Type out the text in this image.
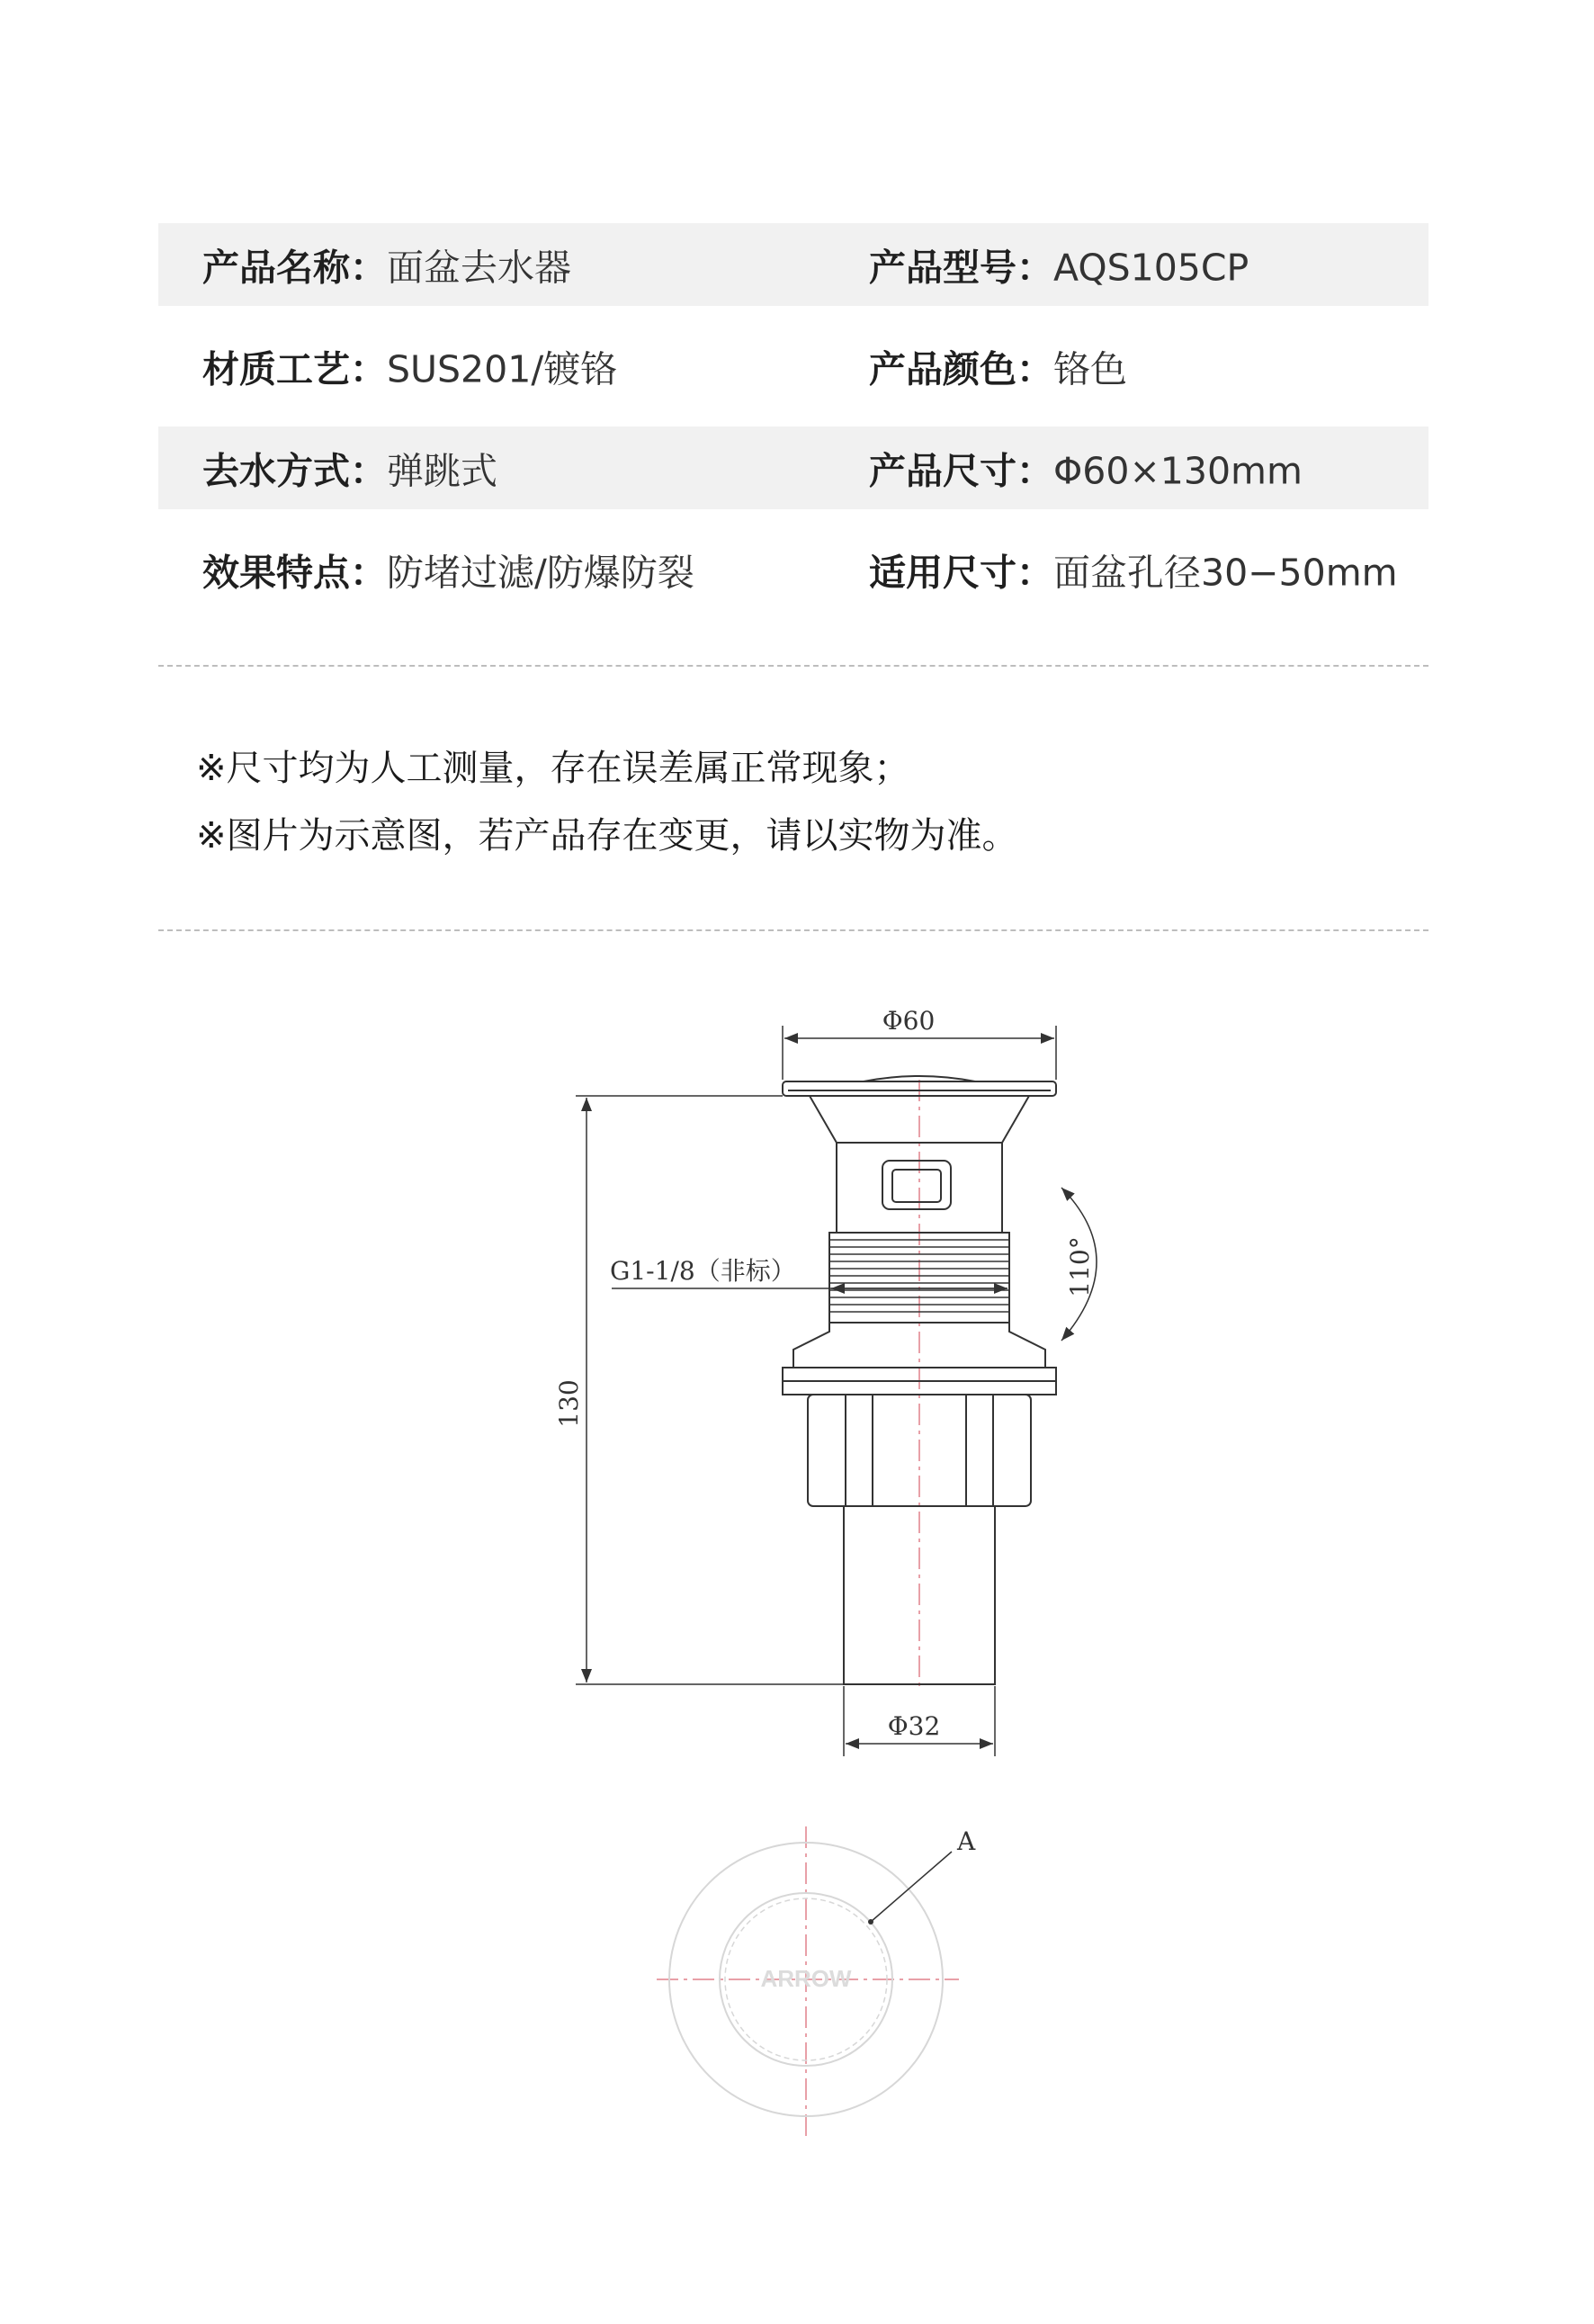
产品名称：面盆去水器	产品型号：AQS105CP
材质工艺：SUS201/镀铬	产品颜色：铬色
去水方式：弹跳式	产品尺寸：Φ60×130mm
效果特点：防堵过滤/防爆防裂	适用尺寸：面盆孔径30−50mm
※尺寸均为人工测量，存在误差属正常现象；
※图片为示意图，若产品存在变更，请以实物为准。
Φ60
130
G1-1/8（非标）	110°
Φ32
ARROW
A
